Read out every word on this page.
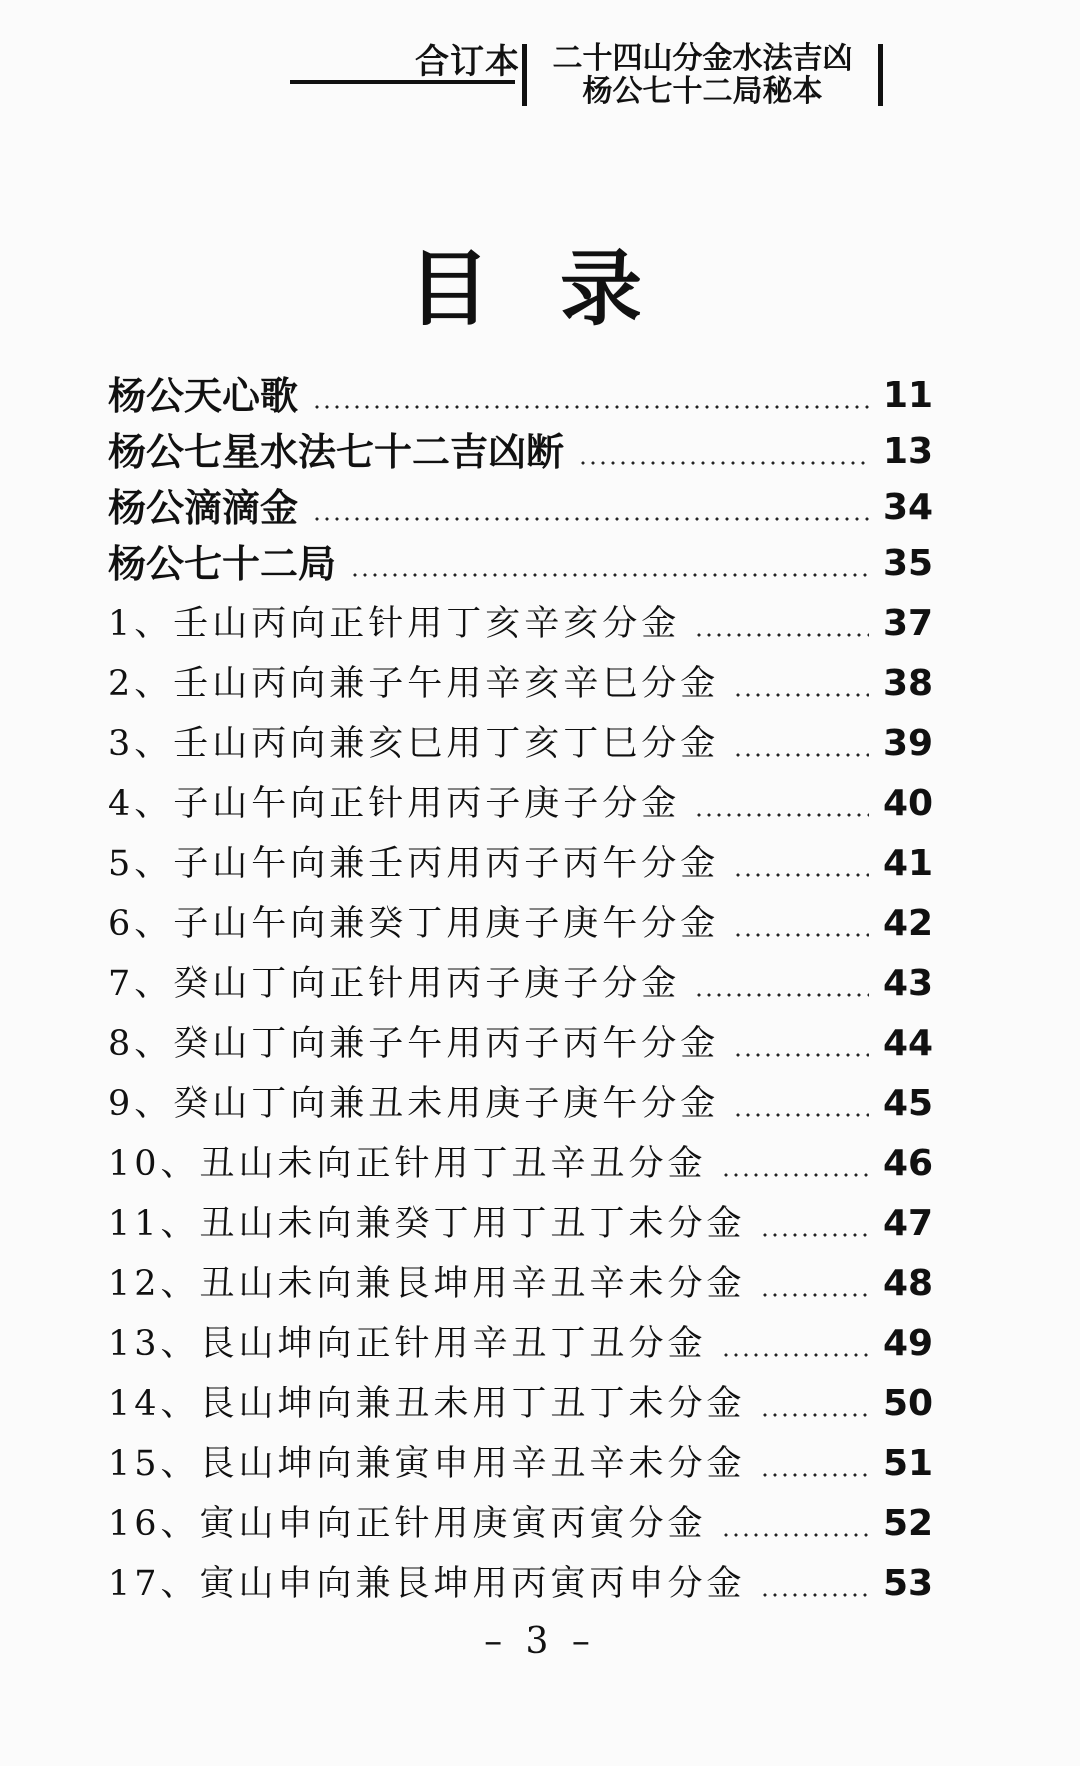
合订本	二十四山分金水法吉凶
杨公七十二局秘本
目录
杨公天心歌	11
杨公七星水法七十二吉凶断	13
杨公滴滴金	34
杨公七十二局	35
1、壬山丙向正针用丁亥辛亥分金	37
2、壬山丙向兼子午用辛亥辛巳分金	38
3、壬山丙向兼亥巳用丁亥丁巳分金	39
4、子山午向正针用丙子庚子分金	40
5、子山午向兼壬丙用丙子丙午分金	41
6、子山午向兼癸丁用庚子庚午分金	42
7、癸山丁向正针用丙子庚子分金	43
8、癸山丁向兼子午用丙子丙午分金	44
9、癸山丁向兼丑未用庚子庚午分金	45
10、丑山未向正针用丁丑辛丑分金	46
11、丑山未向兼癸丁用丁丑丁未分金	47
12、丑山未向兼艮坤用辛丑辛未分金	48
13、艮山坤向正针用辛丑丁丑分金	49
14、艮山坤向兼丑未用丁丑丁未分金	50
15、艮山坤向兼寅申用辛丑辛未分金	51
16、寅山申向正针用庚寅丙寅分金	52
17、寅山申向兼艮坤用丙寅丙申分金	53
– 3 –
